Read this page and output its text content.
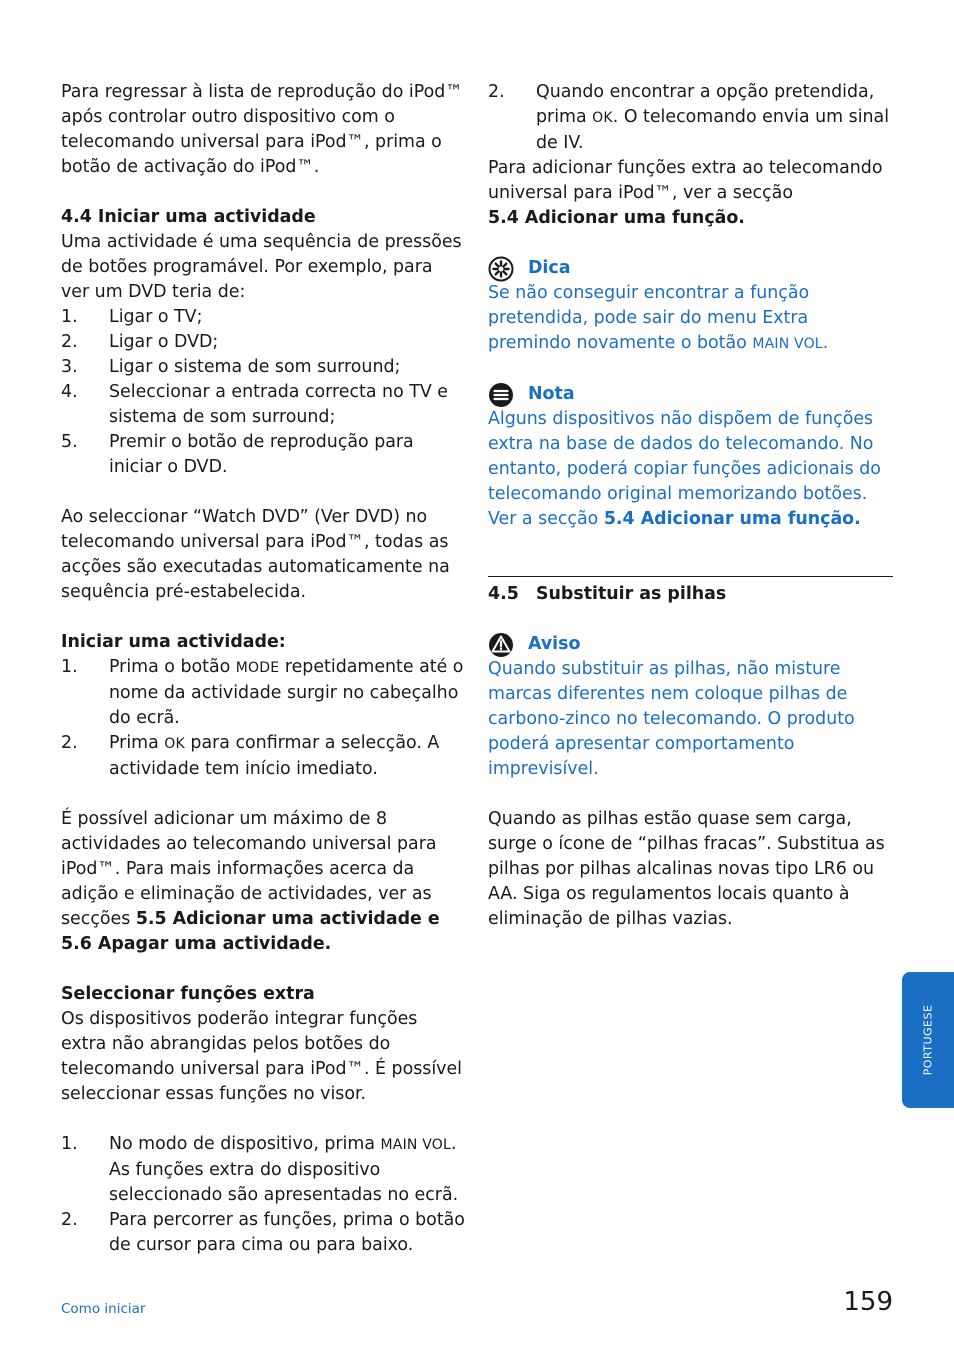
Para regressar à lista de reprodução do iPod™ após controlar outro dispositivo com o telecomando universal para iPod™, prima o botão de activação do iPod™.

4.4 Iniciar uma actividade

Uma actividade é uma sequência de pressões de botões programável. Por exemplo, para ver um DVD teria de:

1. Ligar o TV;
2. Ligar o DVD;
3. Ligar o sistema de som surround;
4. Seleccionar a entrada correcta no TV e sistema de som surround;
5. Premir o botão de reprodução para iniciar o DVD.

Ao seleccionar “Watch DVD” (Ver DVD) no telecomando universal para iPod™, todas as acções são executadas automaticamente na sequência pré-estabelecida.

Iniciar uma actividade:

1. Prima o botão MODE repetidamente até o nome da actividade surgir no cabeçalho do ecrã.
2. Prima OK para confirmar a selecção. A actividade tem início imediato.

É possível adicionar um máximo de 8 actividades ao telecomando universal para iPod™. Para mais informações acerca da adição e eliminação de actividades, ver as secções 5.5 Adicionar uma actividade e 5.6 Apagar uma actividade.

Seleccionar funções extra

Os dispositivos poderão integrar funções extra não abrangidas pelos botões do telecomando universal para iPod™. É possível seleccionar essas funções no visor.

1. No modo de dispositivo, prima MAIN VOL. As funções extra do dispositivo seleccionado são apresentadas no ecrã.
2. Para percorrer as funções, prima o botão de cursor para cima ou para baixo.
2. Quando encontrar a opção pretendida, prima OK. O telecomando envia um sinal de IV.

Para adicionar funções extra ao telecomando universal para iPod™, ver a secção

5.4 Adicionar uma função.

Dica

Se não conseguir encontrar a função pretendida, pode sair do menu Extra premindo novamente o botão MAIN VOL.

Nota

Alguns dispositivos não dispõem de funções extra na base de dados do telecomando. No entanto, poderá copiar funções adicionais do telecomando original memorizando botões. Ver a secção 5.4 Adicionar uma função.

4.5 Substituir as pilhas

Aviso

Quando substituir as pilhas, não misture marcas diferentes nem coloque pilhas de carbono-zinco no telecomando. O produto poderá apresentar comportamento imprevisível.

Quando as pilhas estão quase sem carga, surge o ícone de “pilhas fracas”. Substitua as pilhas por pilhas alcalinas novas tipo LR6 ou AA. Siga os regulamentos locais quanto à eliminação de pilhas vazias.

PORTUGESE
Como iniciar	159
